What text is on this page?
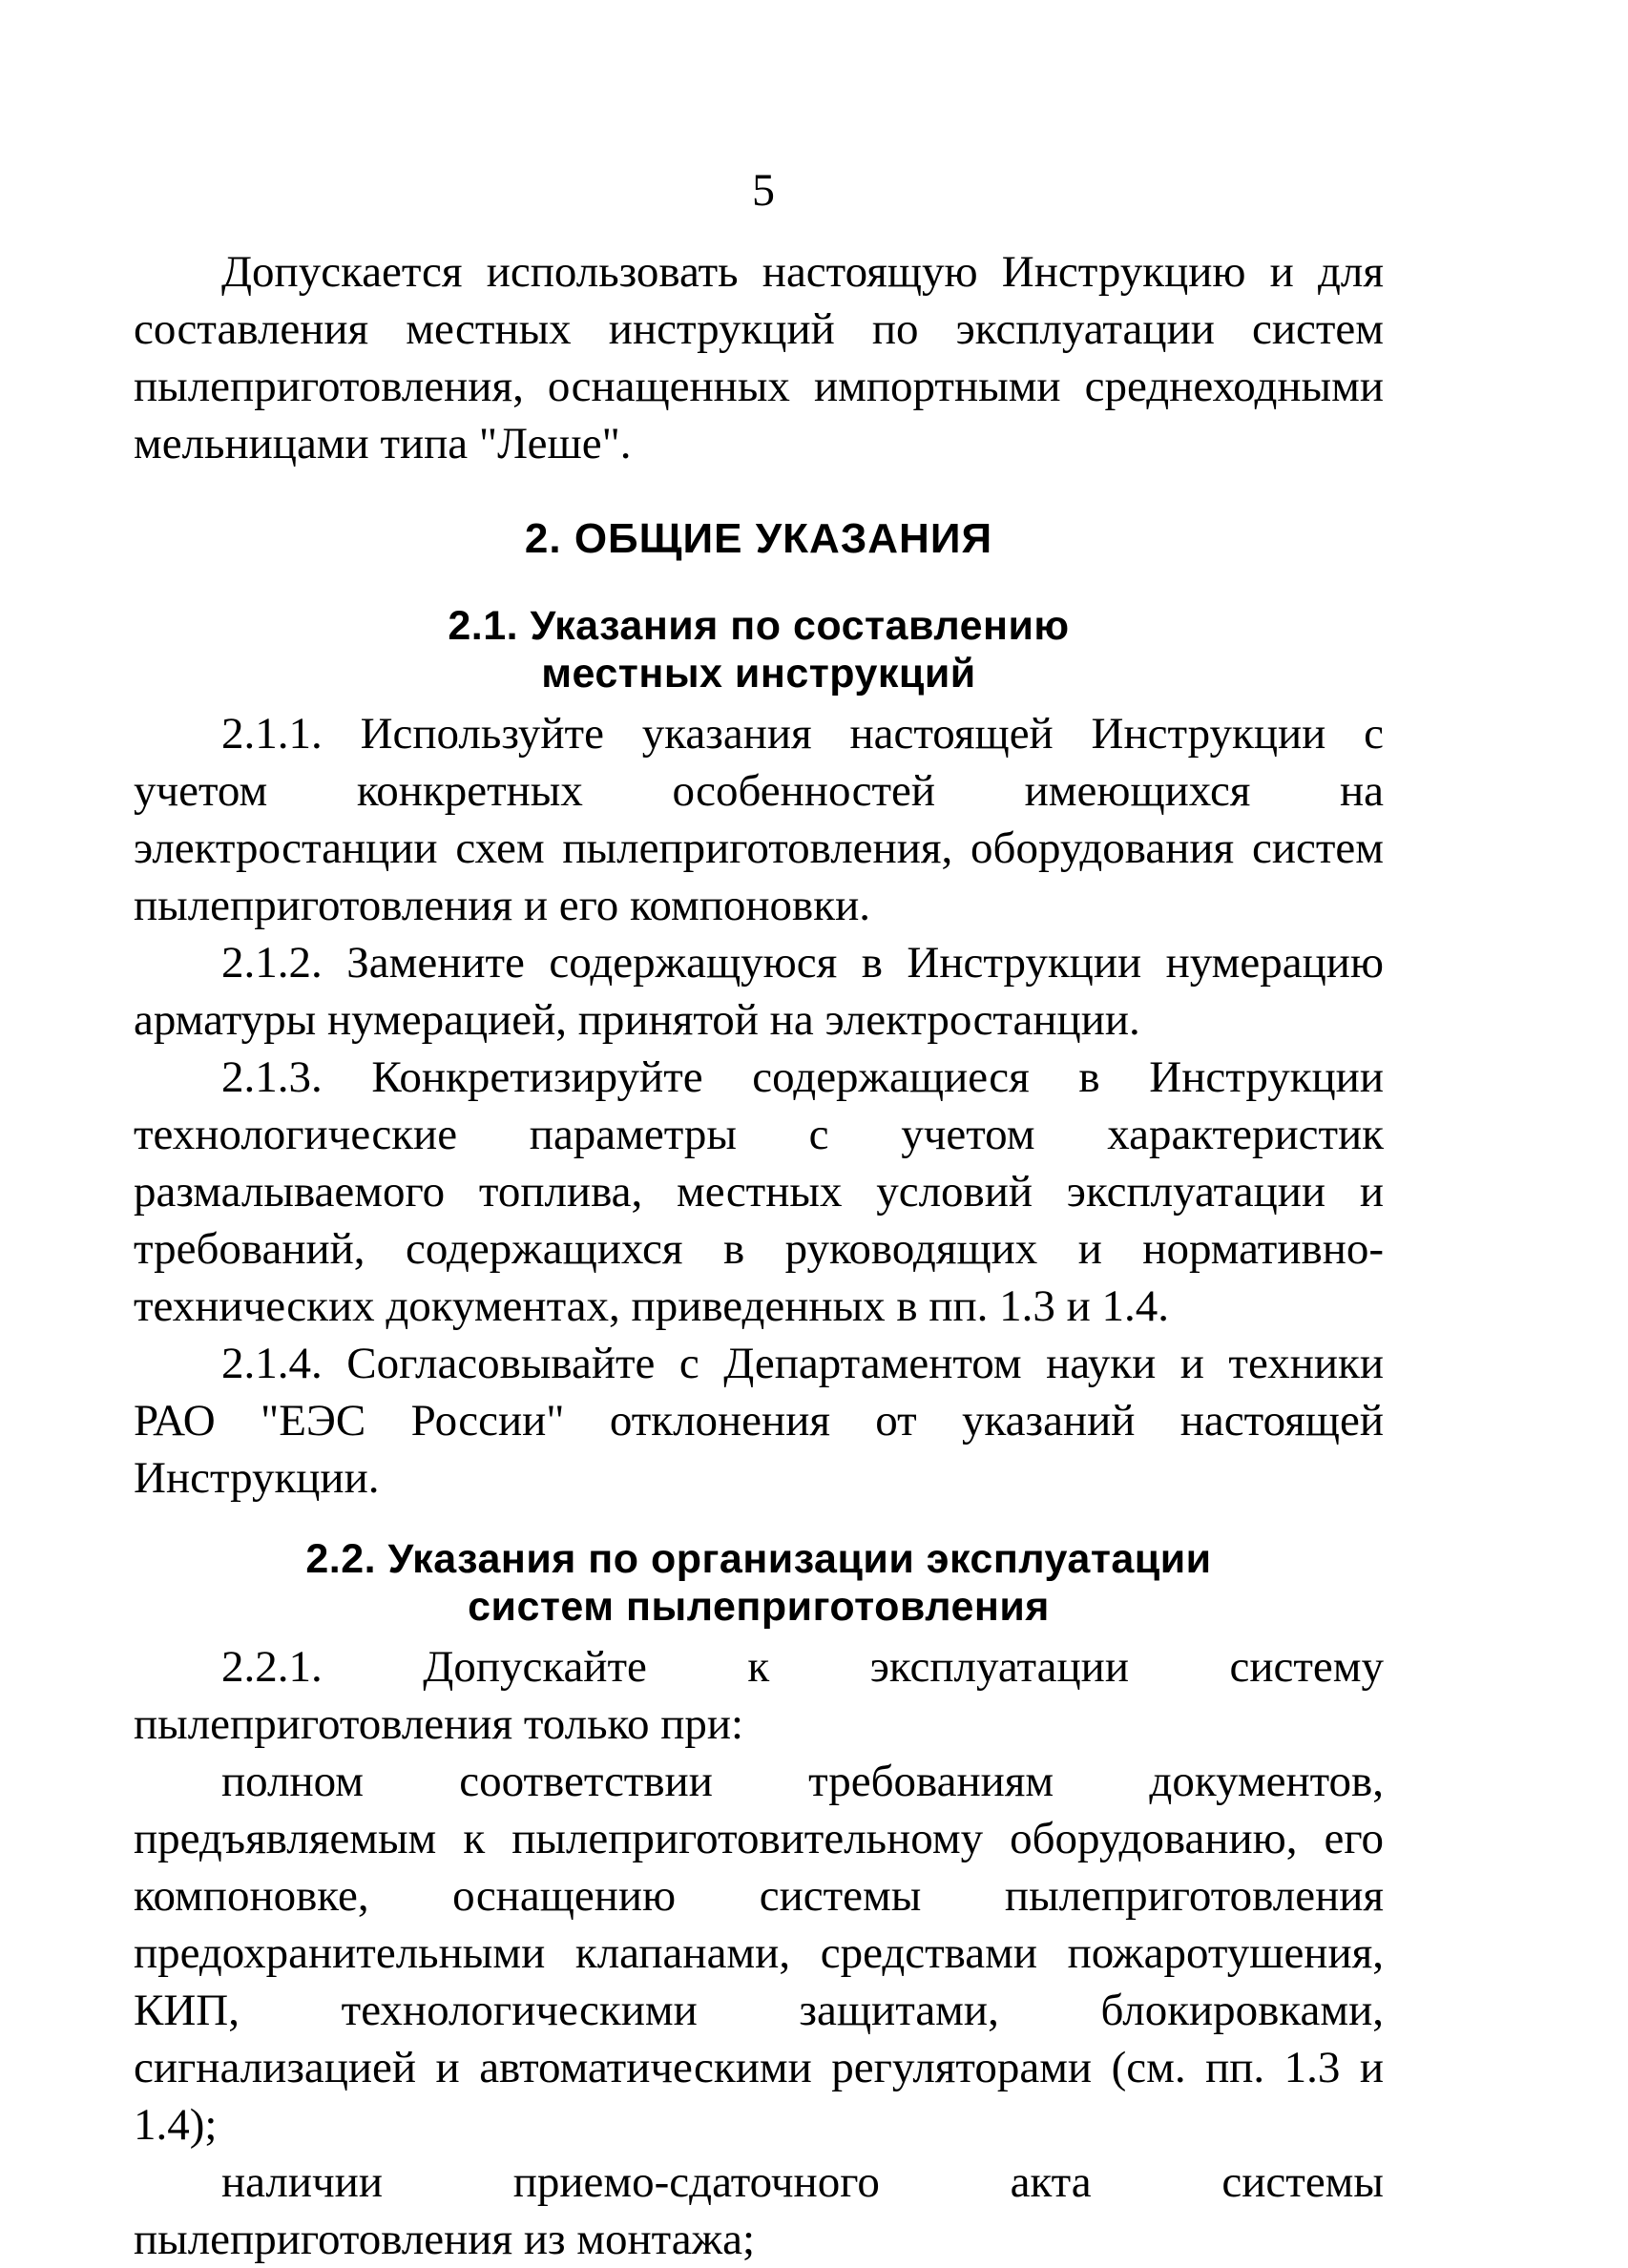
5

Допускается использовать настоящую Инструкцию и для составления местных инструкций по эксплуатации систем пылеприготовления, оснащенных импортными среднеходными мельницами типа "Леше".

2. ОБЩИЕ УКАЗАНИЯ
2.1. Указания по составлению
местных инструкций

2.1.1. Используйте указания настоящей Инструкции с учетом конкретных особенностей имеющихся на электростанции схем пылеприготовления, оборудования систем пылеприготовления и его компоновки.

2.1.2. Замените содержащуюся в Инструкции нумерацию арматуры нумерацией, принятой на электростанции.

2.1.3. Конкретизируйте содержащиеся в Инструкции технологические параметры с учетом характеристик размалываемого топлива, местных условий эксплуатации и требований, содержащихся в руководящих и нормативно-технических документах, приведенных в пп. 1.3 и 1.4.

2.1.4. Согласовывайте с Департаментом науки и техники РАО "ЕЭС России" отклонения от указаний настоящей Инструкции.

2.2. Указания по организации эксплуатации
систем пылеприготовления

2.2.1. Допускайте к эксплуатации систему пылеприготовления только при:

полном соответствии требованиям документов, предъявляемым к пылеприготовительному оборудованию, его компоновке, оснащению системы пылеприготовления предохранительными клапанами, средствами пожаротушения, КИП, технологическими защитами, блокировками, сигнализацией и автоматическими регуляторами (см. пп. 1.3 и 1.4);

наличии приемо-сдаточного акта системы пылеприготовления из монтажа;
